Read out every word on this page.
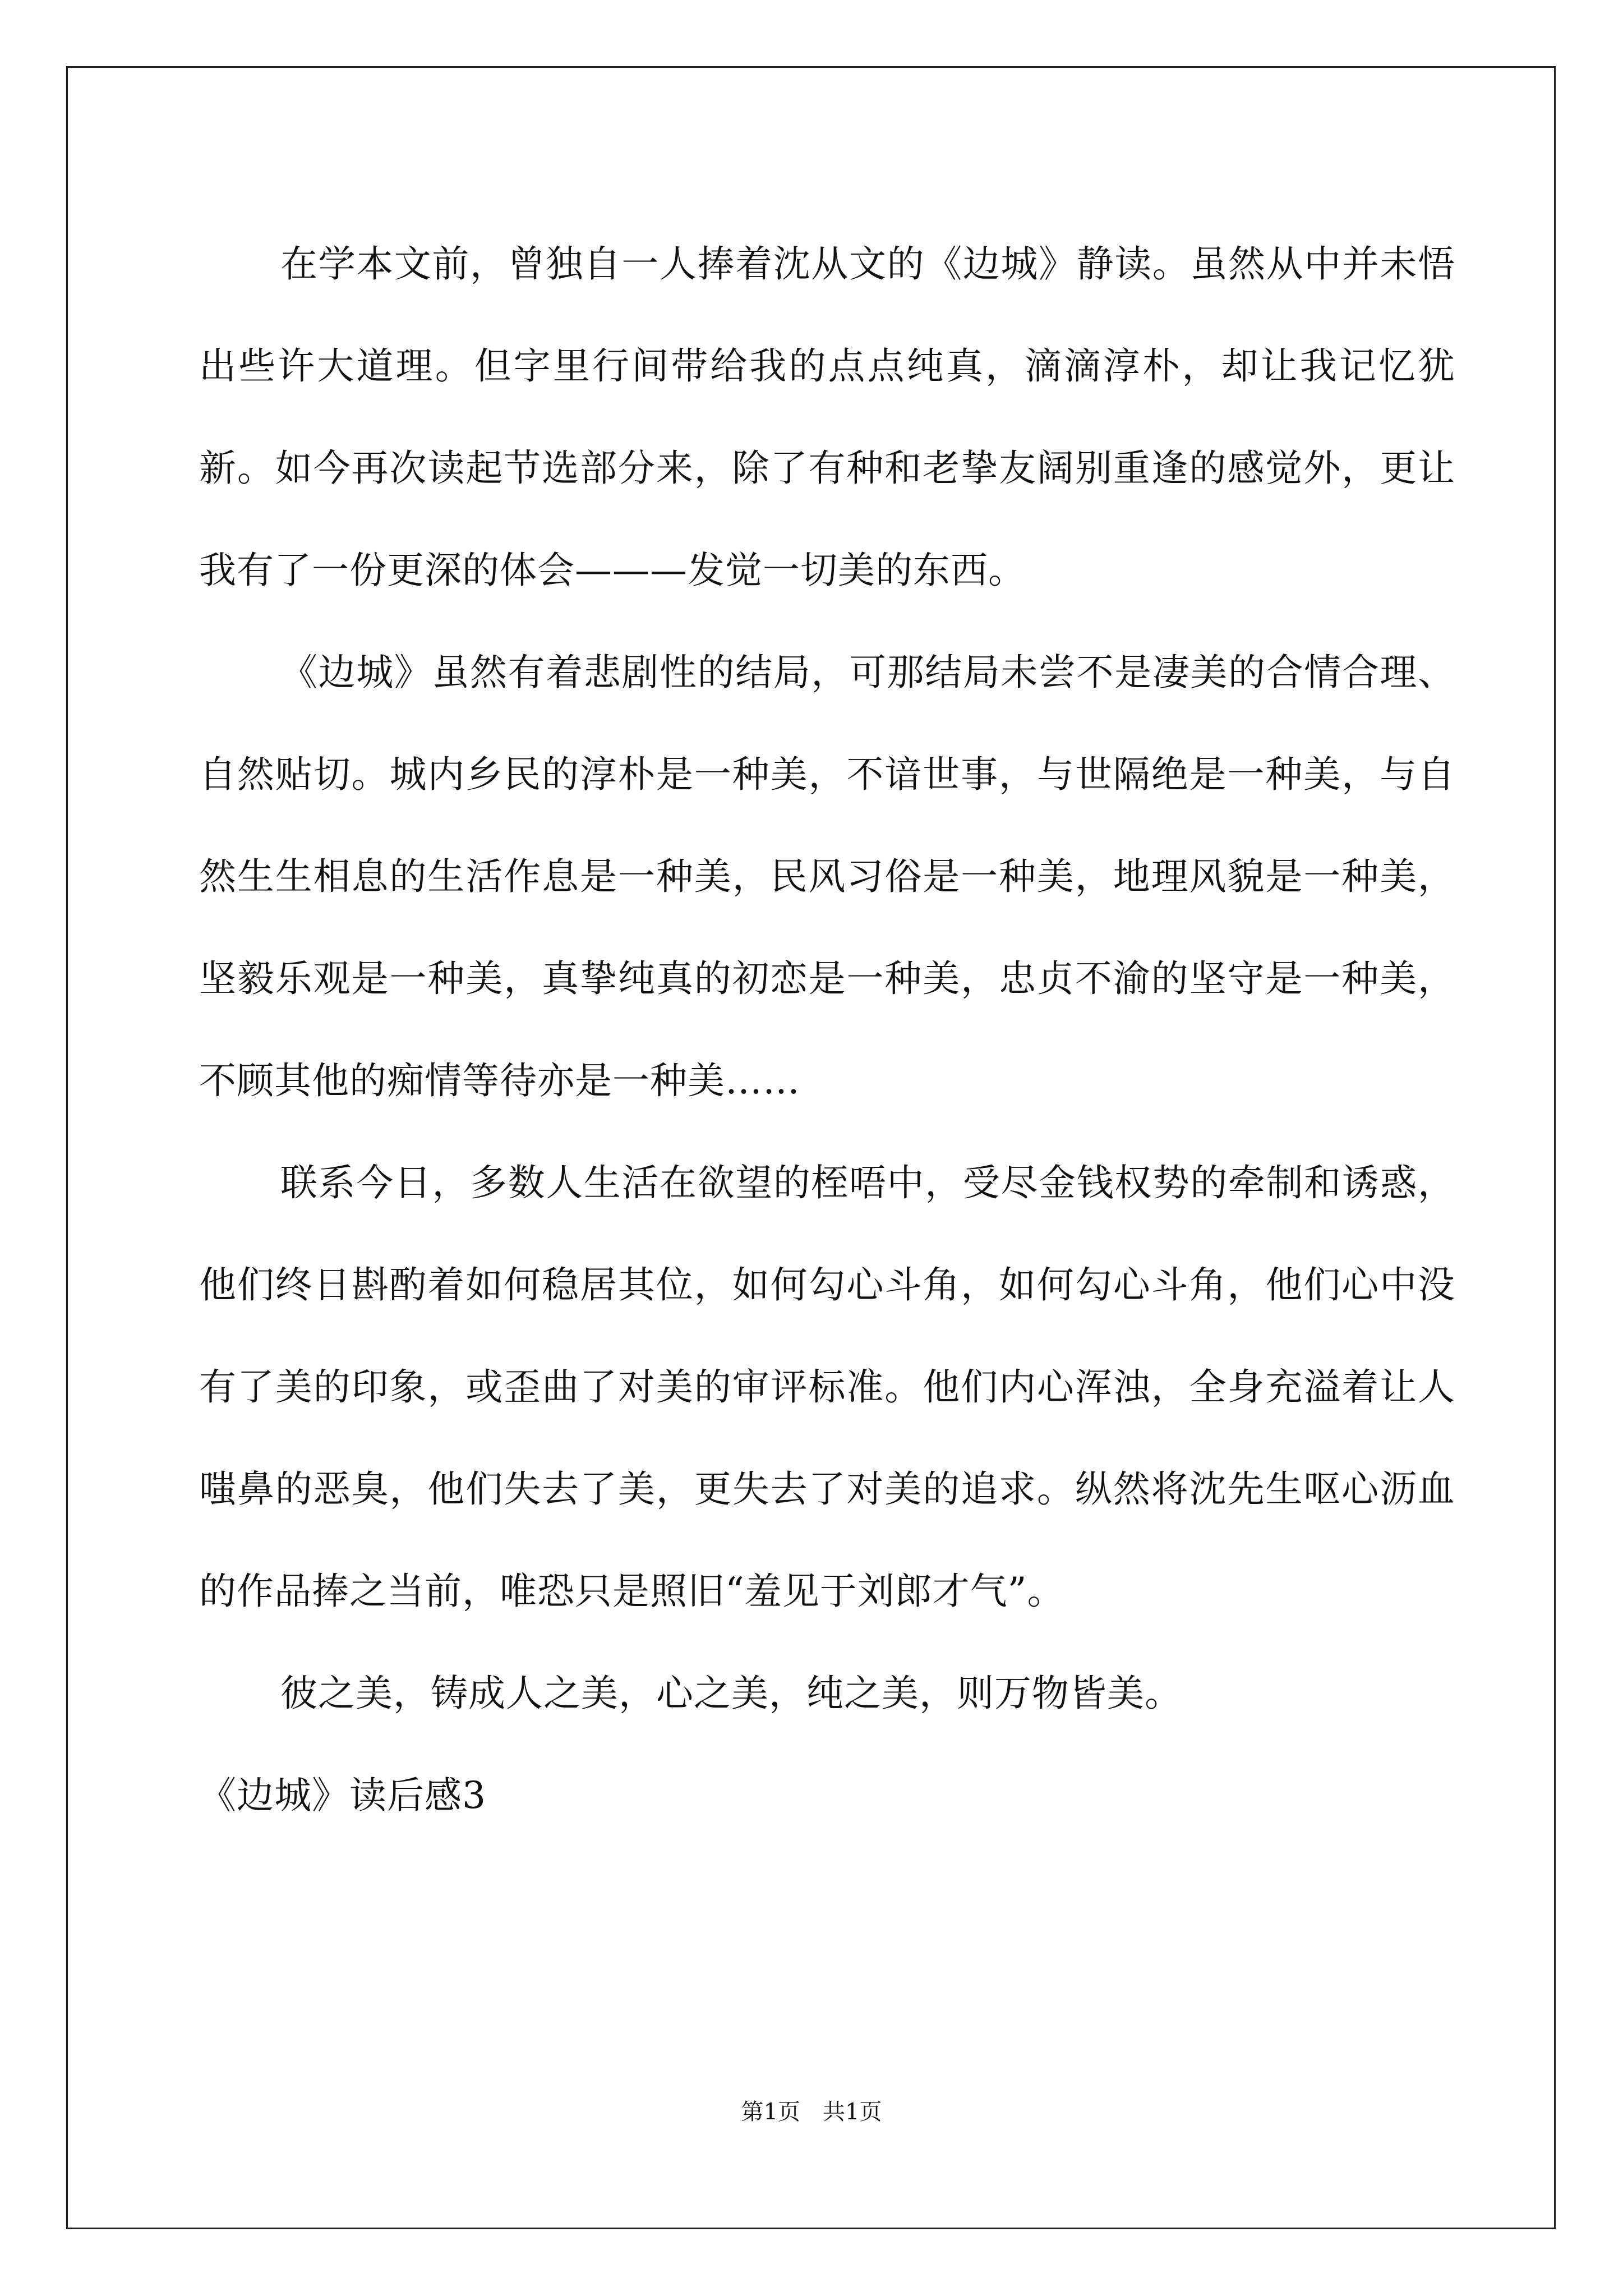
在学本文前，曾独自一人捧着沈从文的《边城》静读。虽然从中并未悟出些许大道理。但字里行间带给我的点点纯真，滴滴淳朴，却让我记忆犹新。如今再次读起节选部分来，除了有种和老挚友阔别重逢的感觉外，更让我有了一份更深的体会———发觉一切美的东西。

《边城》虽然有着悲剧性的结局，可那结局未尝不是凄美的合情合理、自然贴切。城内乡民的淳朴是一种美，不谙世事，与世隔绝是一种美，与自然生生相息的生活作息是一种美，民风习俗是一种美，地理风貌是一种美，坚毅乐观是一种美，真挚纯真的初恋是一种美，忠贞不渝的坚守是一种美，不顾其他的痴情等待亦是一种美……

联系今日，多数人生活在欲望的桎唔中，受尽金钱权势的牵制和诱惑，他们终日斟酌着如何稳居其位，如何勾心斗角，如何勾心斗角，他们心中没有了美的印象，或歪曲了对美的审评标准。他们内心浑浊，全身充溢着让人嗤鼻的恶臭，他们失去了美，更失去了对美的追求。纵然将沈先生呕心沥血的作品捧之当前，唯恐只是照旧“羞见于刘郎才气”。

彼之美，铸成人之美，心之美，纯之美，则万物皆美。

《边城》读后感3

第1页　共1页
